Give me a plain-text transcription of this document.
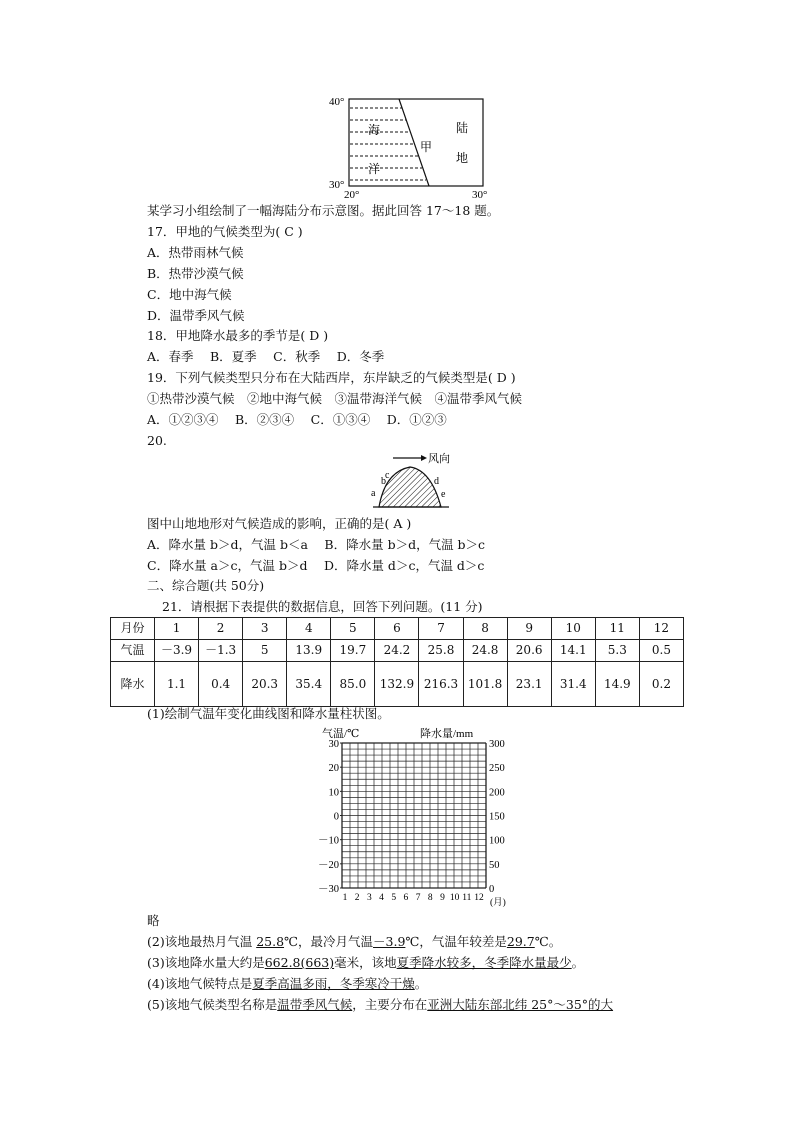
40°
30°
20°	30°
海
洋
甲
陆
地
某学习小组绘制了一幅海陆分布示意图。据此回答 17～18 题。
17．甲地的气候类型为( C )
A．热带雨林气候
B．热带沙漠气候
C．地中海气候
D．温带季风气候
18．甲地降水最多的季节是( D )
A．春季　 B．夏季　 C．秋季　 D．冬季
19．下列气候类型只分布在大陆西岸，东岸缺乏的气候类型是( D )
①热带沙漠气候　②地中海气候　③温带海洋气候　④温带季风气候
A．①②③④　 B．②③④　 C．①③④　 D．①②③
20.
风向
a
b
c
d
e
图中山地地形对气候造成的影响，正确的是( A )
A．降水量 b＞d，气温 b＜a　 B．降水量 b＞d，气温 b＞c
C．降水量 a＞c，气温 b＞d　 D．降水量 d＞c，气温 d＞c
二、综合题(共 50分)
21．请根据下表提供的数据信息，回答下列问题。(11 分)
月份	1	2	3	4	5	6	7	8	9	10	11	12
气温	－3.9	－1.3	5	13.9	19.7	24.2	25.8	24.8	20.6	14.1	5.3	0.5
降水	1.1	0.4	20.3	35.4	85.0	132.9	216.3	101.8	23.1	31.4	14.9	0.2
(1)绘制气温年变化曲线图和降水量柱状图。
气温/℃	降水量/mm
30
20
10
0
－10
－20
－30
300
250
200
150
100
50
0
1 2 3 4 5 6 7 8 9 10 11 12 (月)
略
(2)该地最热月气温 25.8℃，最冷月气温－3.9℃，气温年较差是29.7℃。
(3)该地降水量大约是662.8(663)毫米，该地夏季降水较多，冬季降水量最少。
(4)该地气候特点是夏季高温多雨，冬季寒冷干燥。
(5)该地气候类型名称是温带季风气候，主要分布在亚洲大陆东部北纬 25°～35°的大
